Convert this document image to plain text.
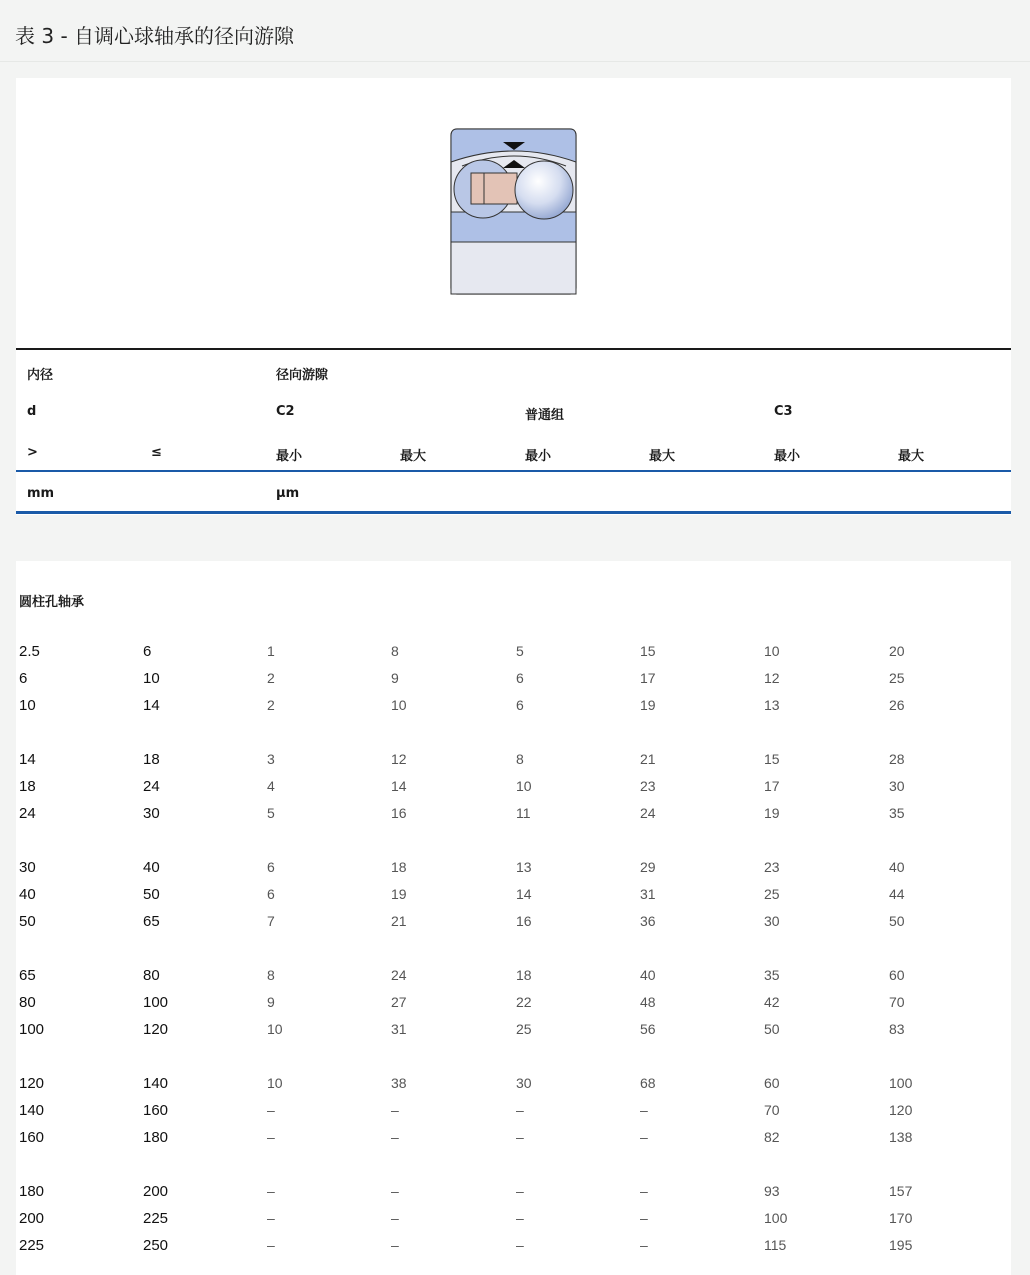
表 3 - 自调心球轴承的径向游隙
内径	径向游隙
d	C2	普通组	C3
>	≤	最小	最大	最小	最大	最小	最大
mm	μm
圆柱孔轴承
2.5	6	1	8	5	15	10	20
6	10	2	9	6	17	12	25
10	14	2	10	6	19	13	26
14	18	3	12	8	21	15	28
18	24	4	14	10	23	17	30
24	30	5	16	11	24	19	35
30	40	6	18	13	29	23	40
40	50	6	19	14	31	25	44
50	65	7	21	16	36	30	50
65	80	8	24	18	40	35	60
80	100	9	27	22	48	42	70
100	120	10	31	25	56	50	83
120	140	10	38	30	68	60	100
140	160	–	–	–	–	70	120
160	180	–	–	–	–	82	138
180	200	–	–	–	–	93	157
200	225	–	–	–	–	100	170
225	250	–	–	–	–	115	195
